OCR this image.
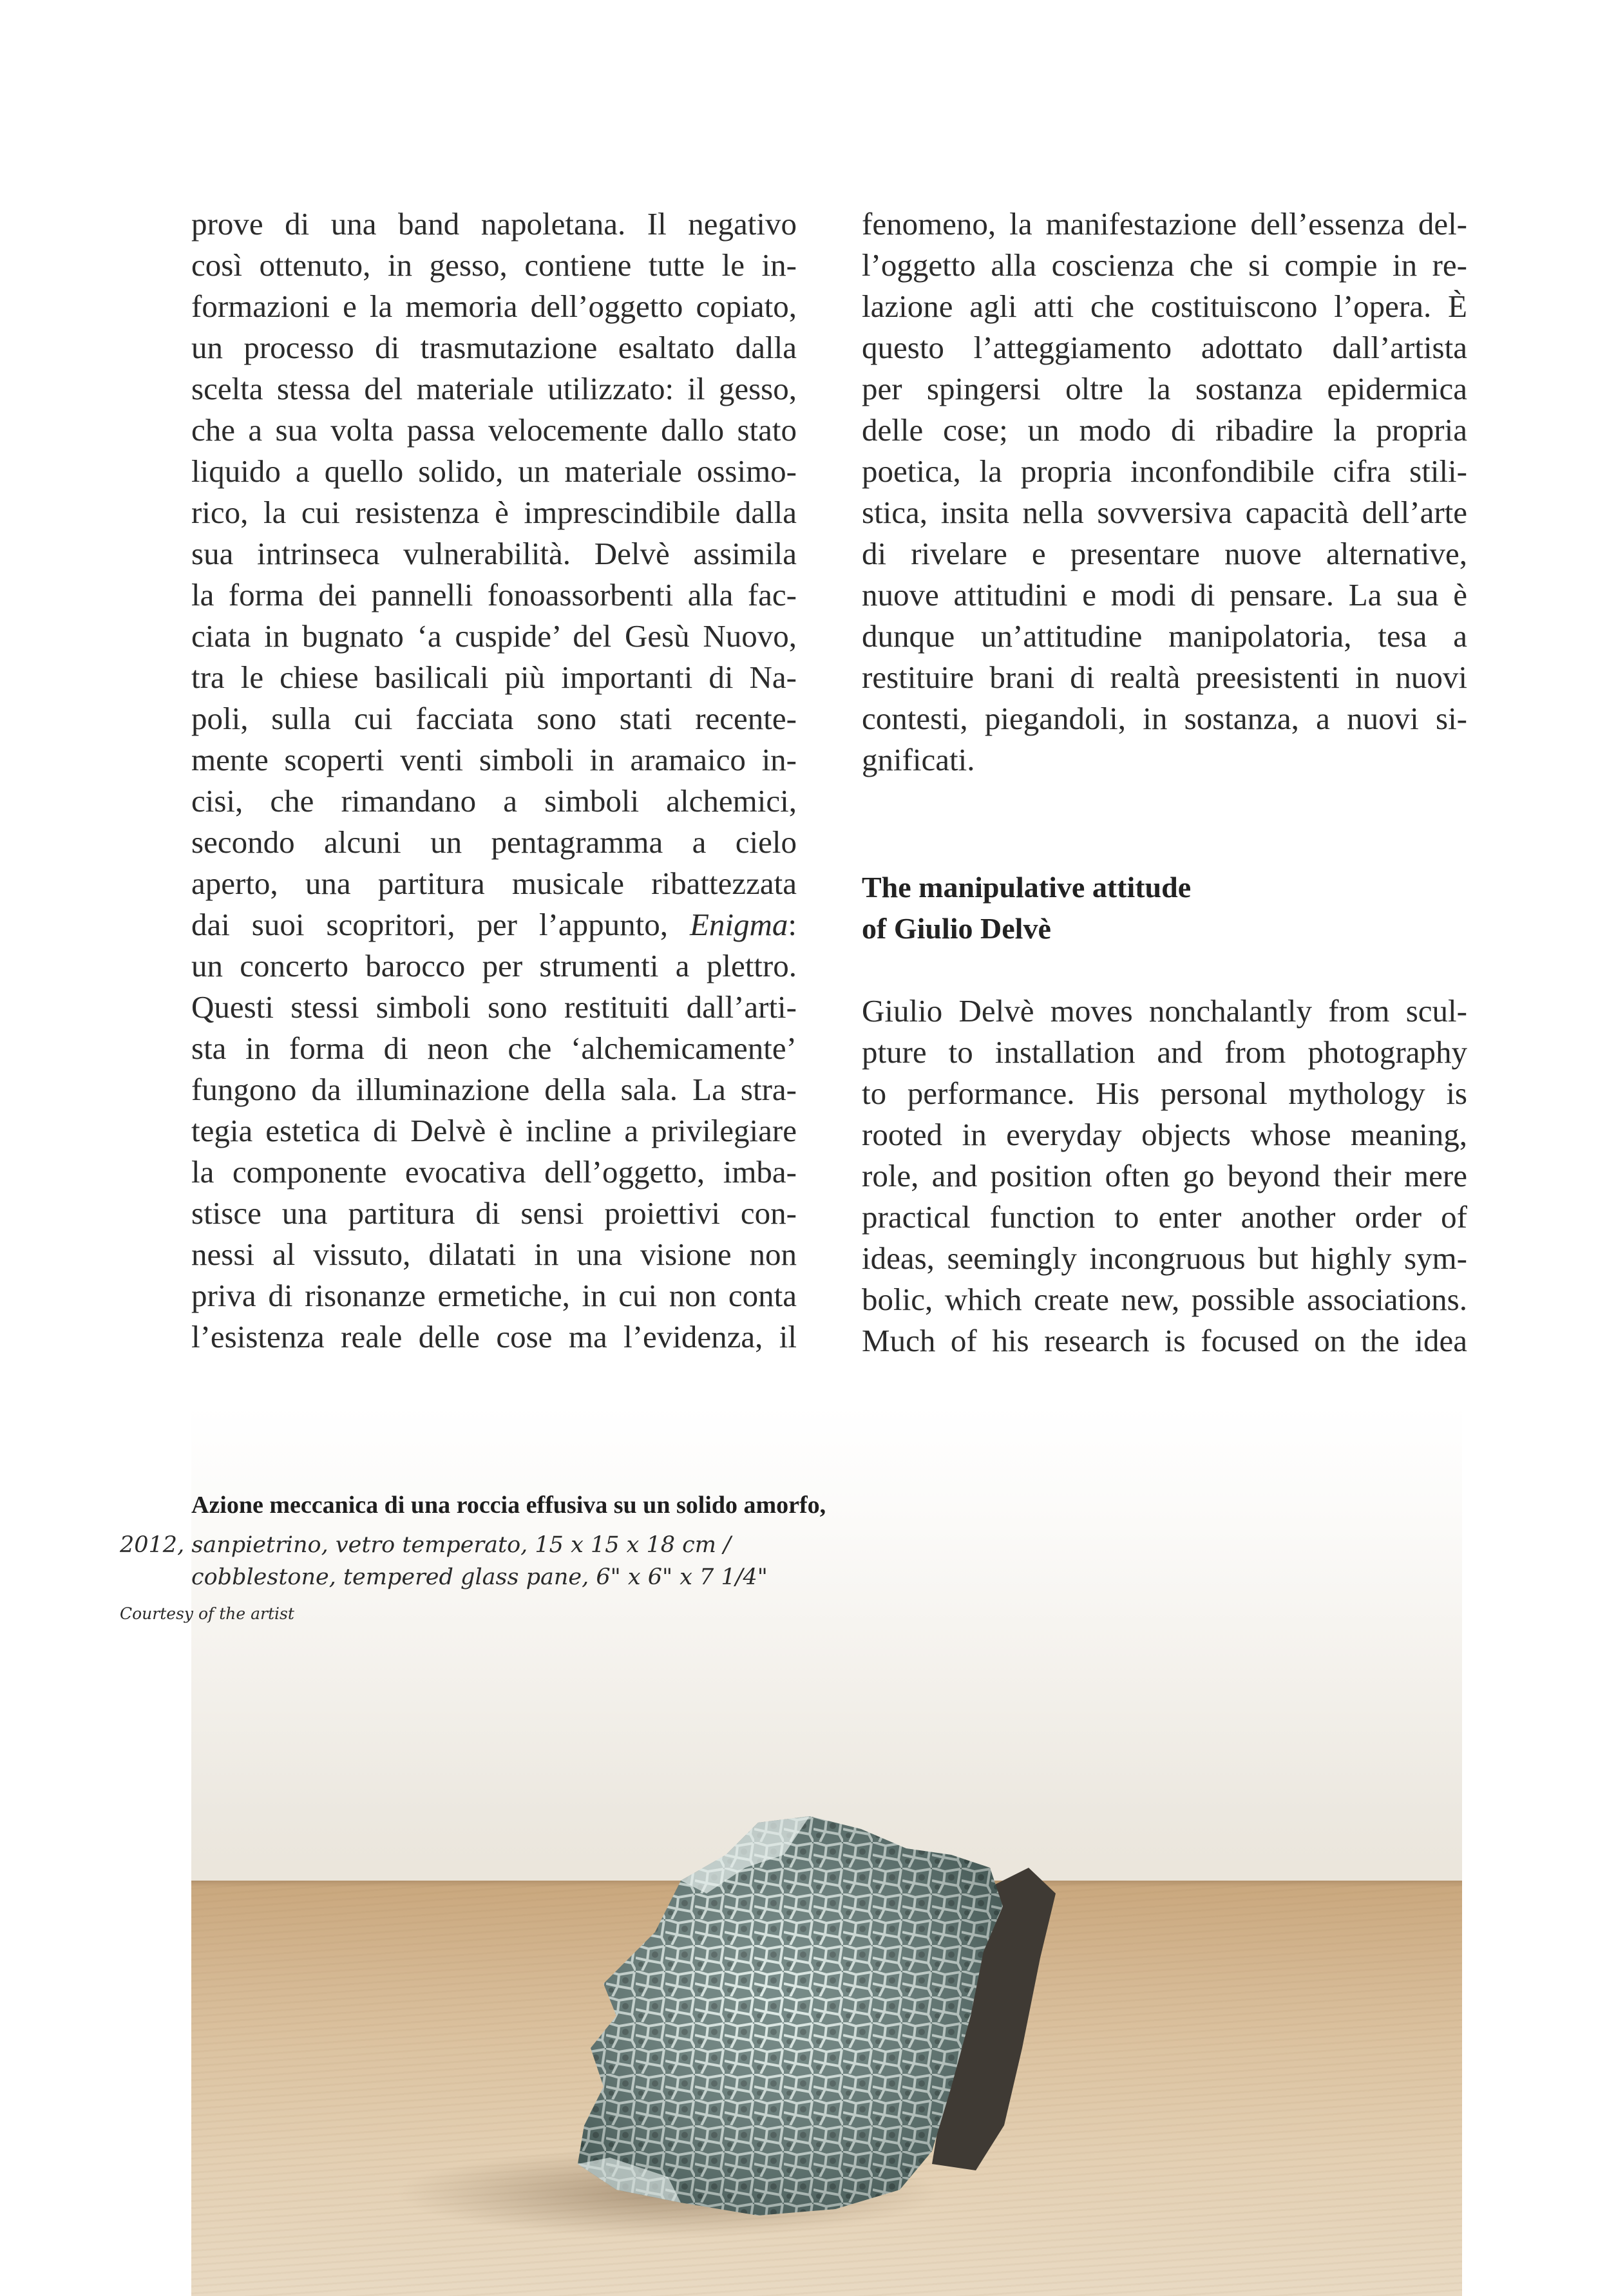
prove di una band napoletana. Il negativo
così ottenuto, in gesso, contiene tutte le in-
formazioni e la memoria dell’oggetto copiato,
un processo di trasmutazione esaltato dalla
scelta stessa del materiale utilizzato: il gesso,
che a sua volta passa velocemente dallo stato
liquido a quello solido, un materiale ossimo-
rico, la cui resistenza è imprescindibile dalla
sua intrinseca vulnerabilità. Delvè assimila
la forma dei pannelli fonoassorbenti alla fac-
ciata in bugnato ‘a cuspide’ del Gesù Nuovo,
tra le chiese basilicali più importanti di Na-
poli, sulla cui facciata sono stati recente-
mente scoperti venti simboli in aramaico in-
cisi, che rimandano a simboli alchemici,
secondo alcuni un pentagramma a cielo
aperto, una partitura musicale ribattezzata
dai suoi scopritori, per l’appunto, Enigma:
un concerto barocco per strumenti a plettro.
Questi stessi simboli sono restituiti dall’arti-
sta in forma di neon che ‘alchemicamente’
fungono da illuminazione della sala. La stra-
tegia estetica di Delvè è incline a privilegiare
la componente evocativa dell’oggetto, imba-
stisce una partitura di sensi proiettivi con-
nessi al vissuto, dilatati in una visione non
priva di risonanze ermetiche, in cui non conta
l’esistenza reale delle cose ma l’evidenza, il
fenomeno, la manifestazione dell’essenza del-
l’oggetto alla coscienza che si compie in re-
lazione agli atti che costituiscono l’opera. È
questo l’atteggiamento adottato dall’artista
per spingersi oltre la sostanza epidermica
delle cose; un modo di ribadire la propria
poetica, la propria inconfondibile cifra stili-
stica, insita nella sovversiva capacità dell’arte
di rivelare e presentare nuove alternative,
nuove attitudini e modi di pensare. La sua è
dunque un’attitudine manipolatoria, tesa a
restituire brani di realtà preesistenti in nuovi
contesti, piegandoli, in sostanza, a nuovi si-
gnificati.
The manipulative attitude
of Giulio Delvè
Giulio Delvè moves nonchalantly from scul-
pture to installation and from photography
to performance. His personal mythology is
rooted in everyday objects whose meaning,
role, and position often go beyond their mere
practical function to enter another order of
ideas, seemingly incongruous but highly sym-
bolic, which create new, possible associations.
Much of his research is focused on the idea
Azione meccanica di una roccia effusiva su un solido amorfo,
2012, sanpietrino, vetro temperato, 15 x 15 x 18 cm /
cobblestone, tempered glass pane, 6" x 6" x 7 1/4"
Courtesy of the artist
